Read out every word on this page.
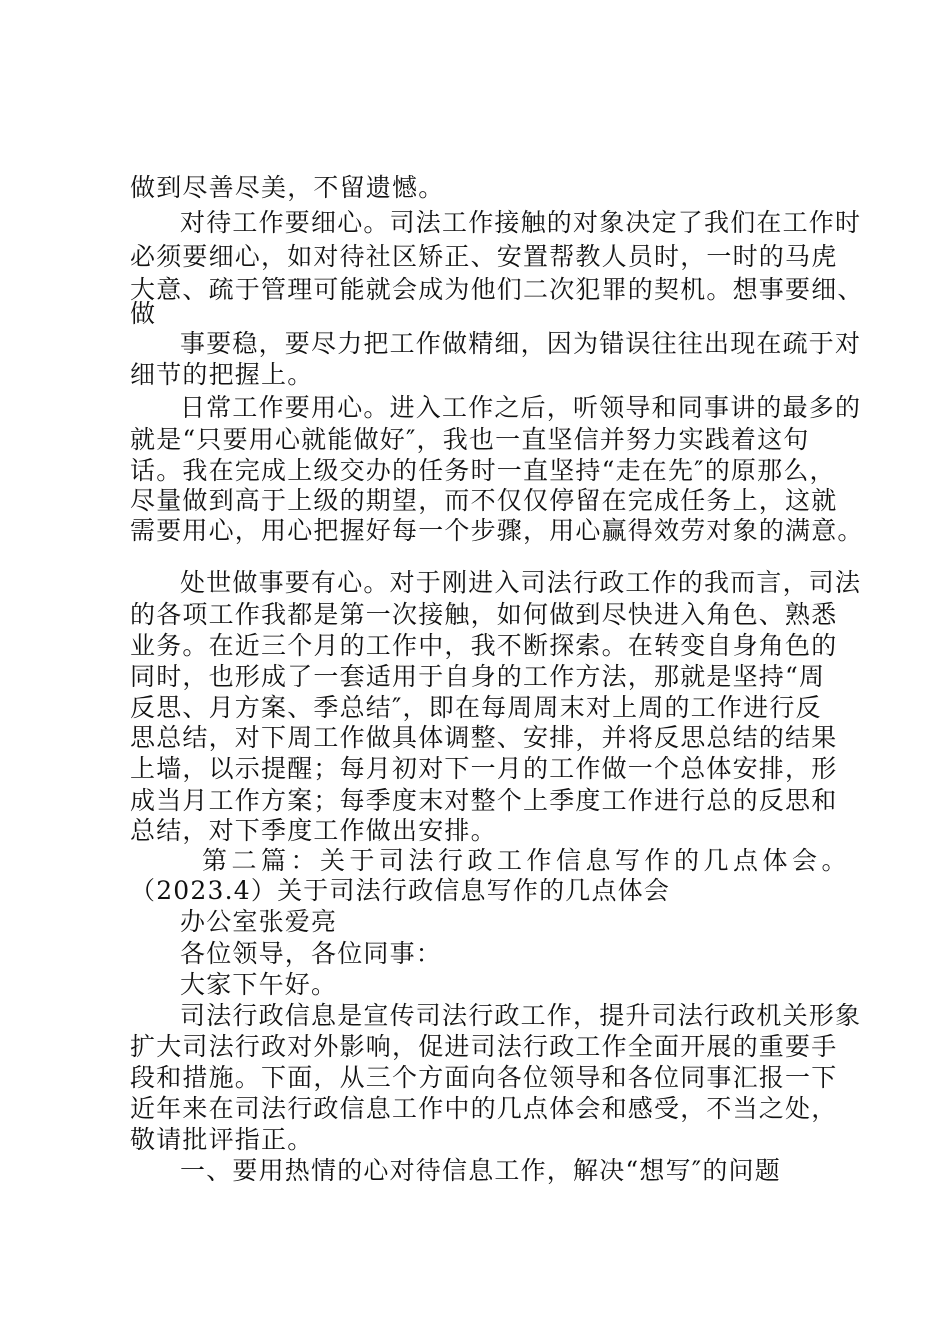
做到尽善尽美，不留遗憾。
对待工作要细心。司法工作接触的对象决定了我们在工作时
必须要细心，如对待社区矫正、安置帮教人员时，一时的马虎
大意、疏于管理可能就会成为他们二次犯罪的契机。想事要细、
做
事要稳，要尽力把工作做精细，因为错误往往出现在疏于对
细节的把握上。
日常工作要用心。进入工作之后，听领导和同事讲的最多的
就是“只要用心就能做好″，我也一直坚信并努力实践着这句
话。我在完成上级交办的任务时一直坚持“走在先″的原那么，
尽量做到高于上级的期望，而不仅仅停留在完成任务上，这就
需要用心，用心把握好每一个步骤，用心赢得效劳对象的满意。
处世做事要有心。对于刚进入司法行政工作的我而言，司法
的各项工作我都是第一次接触，如何做到尽快进入角色、熟悉
业务。在近三个月的工作中，我不断探索。在转变自身角色的
同时，也形成了一套适用于自身的工作方法，那就是坚持“周
反思、月方案、季总结″，即在每周周末对上周的工作进行反
思总结，对下周工作做具体调整、安排，并将反思总结的结果
上墙，以示提醒；每月初对下一月的工作做一个总体安排，形
成当月工作方案；每季度末对整个上季度工作进行总的反思和
总结，对下季度工作做出安排。
第二篇：关于司法行政工作信息写作的几点体会。
（2023.4）关于司法行政信息写作的几点体会
办公室张爱亮
各位领导，各位同事：
大家下午好。
司法行政信息是宣传司法行政工作，提升司法行政机关形象
扩大司法行政对外影响，促进司法行政工作全面开展的重要手
段和措施。下面，从三个方面向各位领导和各位同事汇报一下
近年来在司法行政信息工作中的几点体会和感受，不当之处，
敬请批评指正。
一、要用热情的心对待信息工作，解决“想写″的问题
